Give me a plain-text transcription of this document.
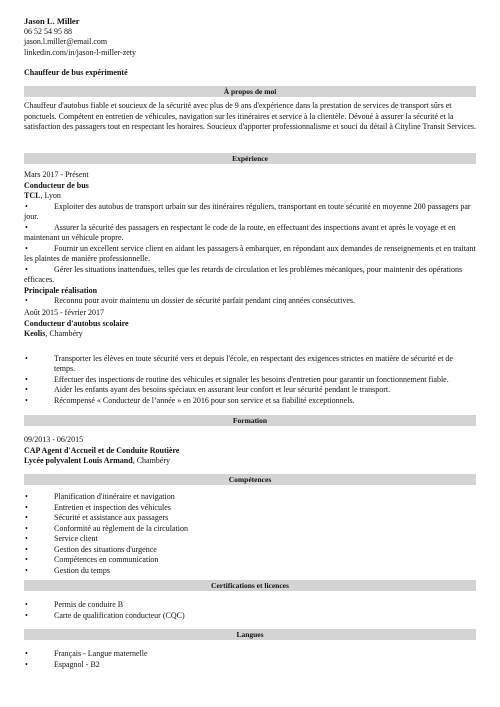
Jason L. Miller
06 52 54 95 88
jason.l.miller@email.com
linkedin.com/in/jason-l-miller-zety
Chauffeur de bus expérimenté
À propos de moi

Chauffeur d'autobus fiable et soucieux de la sécurité avec plus de 9 ans d'expérience dans la prestation de services de transport sûrs et ponctuels. Compétent en entretien de véhicules, navigation sur les itinéraires et service à la clientèle. Dévoué à assurer la sécurité et la satisfaction des passagers tout en respectant les horaires. Soucieux d'apporter professionnalisme et souci du détail à Cityline Transit Services.

Expérience
Mars 2017 - Présent
Conducteur de bus
TCL, Lyon
•	Exploiter des autobus de transport urbain sur des itinéraires réguliers, transportant en toute sécurité en moyenne 200 passagers par jour.
•	Assurer la sécurité des passagers en respectant le code de la route, en effectuant des inspections avant et après le voyage et en maintenant un véhicule propre.
•	Fournir un excellent service client en aidant les passagers à embarquer, en répondant aux demandes de renseignements et en traitant les plaintes de manière professionnelle.
•	Gérer les situations inattendues, telles que les retards de circulation et les problèmes mécaniques, pour maintenir des opérations efficaces.
Principale réalisation
•	Reconnu pour avoir maintenu un dossier de sécurité parfait pendant cinq années consécutives.
Août 2015 - février 2017
Conducteur d'autobus scolaire
Keolis, Chambéry
•	Transporter les élèves en toute sécurité vers et depuis l'école, en respectant des exigences strictes en matière de sécurité et de temps.
•	Effectuer des inspections de routine des véhicules et signaler les besoins d'entretien pour garantir un fonctionnement fiable.
•	Aider les enfants ayant des besoins spéciaux en assurant leur confort et leur sécurité pendant le transport.
•	Récompensé « Conducteur de l’année » en 2016 pour son service et sa fiabilité exceptionnels.
Formation
09/2013 - 06/2015
CAP Agent d'Accueil et de Conduite Routière
Lycée polyvalent Louis Armand, Chambéry
Compétences
•	Planification d'itinéraire et navigation
•	Entretien et inspection des véhicules
•	Sécurité et assistance aux passagers
•	Conformité au règlement de la circulation
•	Service client
•	Gestion des situations d'urgence
•	Compétences en communication
•	Gestion du temps
Certifications et licences
•	Permis de conduire B
•	Carte de qualification conducteur (CQC)
Langues
•	Français - Langue maternelle
•	Espagnol - B2
